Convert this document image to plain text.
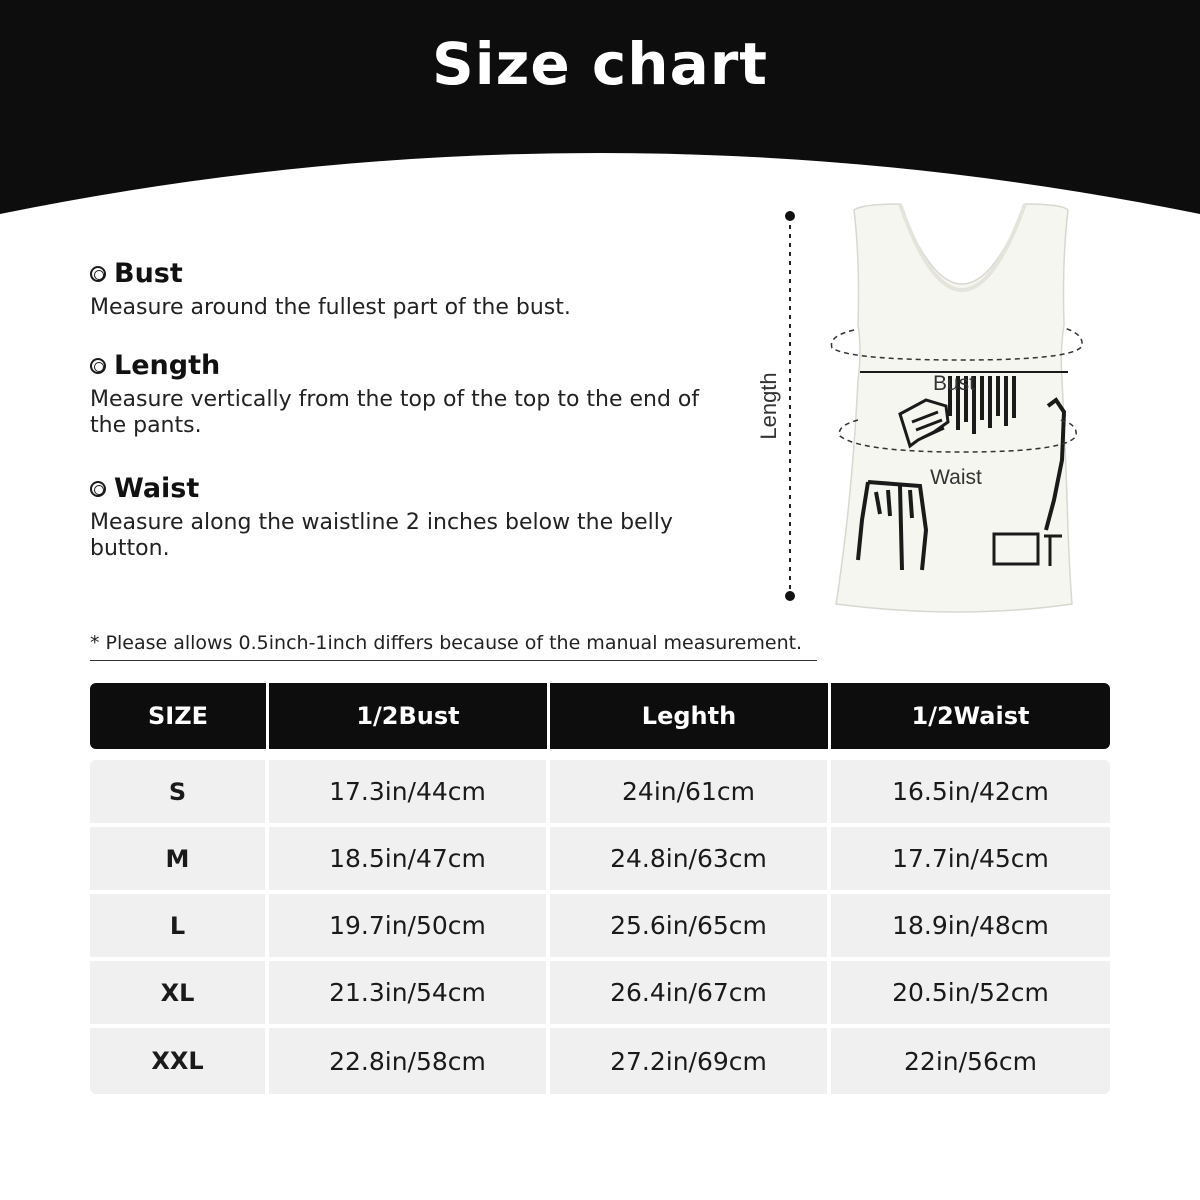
Size chart
Bust
Measure around the fullest part of the bust.
Length
Measure vertically from the top of the top to the end of the pants.
Waist
Measure along the waistline 2 inches below the belly button.
Length	Bust
Waist
* Please allows 0.5inch-1inch differs because of the manual measurement.
SIZE	1/2Bust	Leghth	1/2Waist
S	17.3in/44cm	24in/61cm	16.5in/42cm
M	18.5in/47cm	24.8in/63cm	17.7in/45cm
L	19.7in/50cm	25.6in/65cm	18.9in/48cm
XL	21.3in/54cm	26.4in/67cm	20.5in/52cm
XXL	22.8in/58cm	27.2in/69cm	22in/56cm
